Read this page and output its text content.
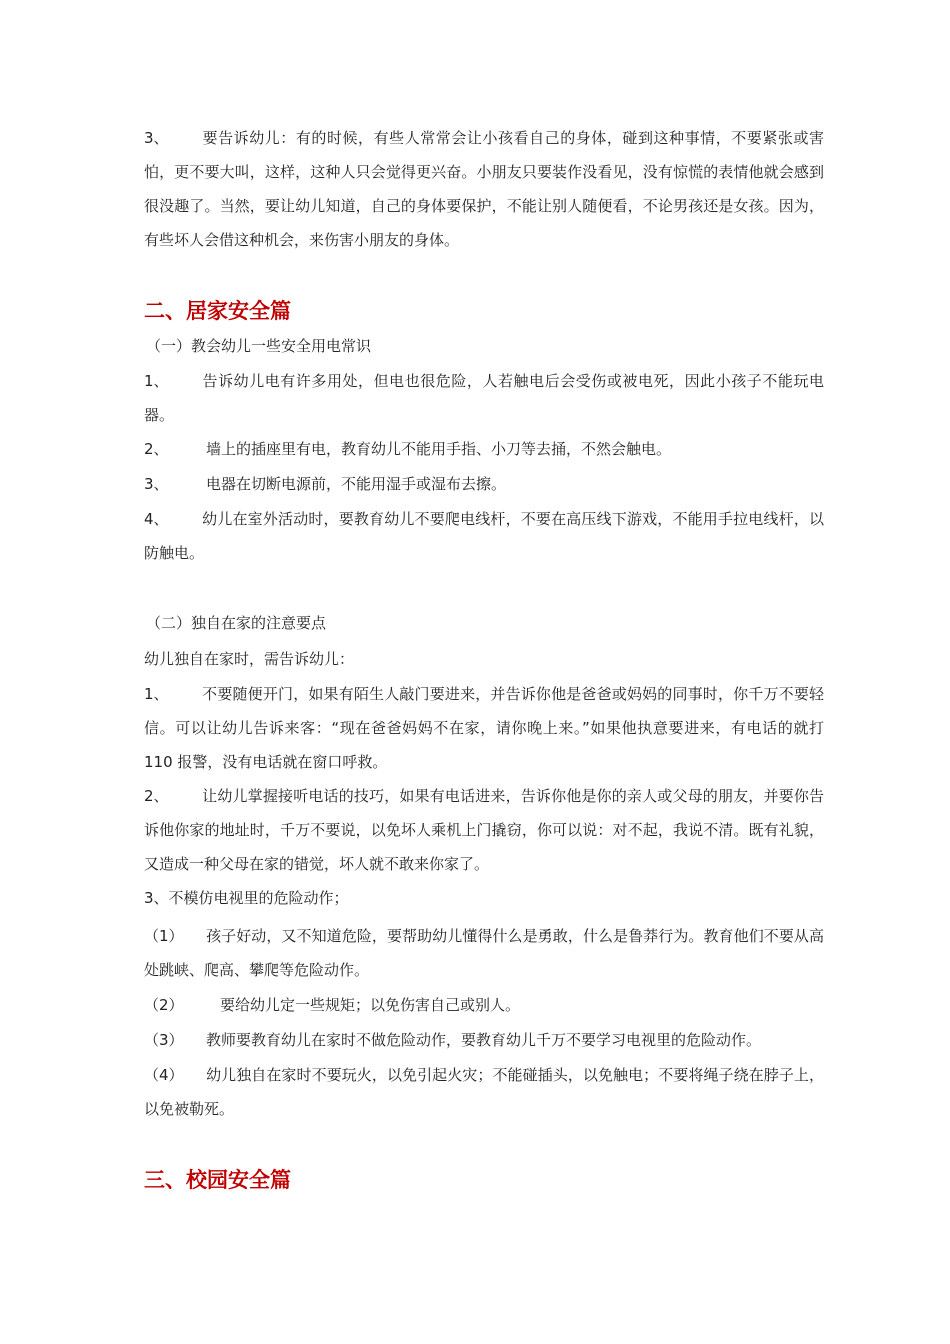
3、 要告诉幼儿：有的时候，有些人常常会让小孩看自己的身体，碰到这种事情，不要紧张或害怕，更不要大叫，这样，这种人只会觉得更兴奋。小朋友只要装作没看见，没有惊慌的表情他就会感到很没趣了。当然，要让幼儿知道，自己的身体要保护，不能让别人随便看，不论男孩还是女孩。因为，有些坏人会借这种机会，来伤害小朋友的身体。

二、居家安全篇

（一）教会幼儿一些安全用电常识

1、 告诉幼儿电有许多用处，但电也很危险，人若触电后会受伤或被电死，因此小孩子不能玩电器。

2、 墙上的插座里有电，教育幼儿不能用手指、小刀等去捅，不然会触电。

3、 电器在切断电源前，不能用湿手或湿布去擦。

4、 幼儿在室外活动时，要教育幼儿不要爬电线杆，不要在高压线下游戏，不能用手拉电线杆，以防触电。

（二）独自在家的注意要点

幼儿独自在家时，需告诉幼儿：

1、 不要随便开门，如果有陌生人敲门要进来，并告诉你他是爸爸或妈妈的同事时，你千万不要轻信。可以让幼儿告诉来客：“现在爸爸妈妈不在家，请你晚上来。”如果他执意要进来，有电话的就打 110 报警，没有电话就在窗口呼救。

2、 让幼儿掌握接听电话的技巧，如果有电话进来，告诉你他是你的亲人或父母的朋友，并要你告诉他你家的地址时，千万不要说，以免坏人乘机上门撬窃，你可以说：对不起，我说不清。既有礼貌，又造成一种父母在家的错觉，坏人就不敢来你家了。

3、不模仿电视里的危险动作；

（1） 孩子好动，又不知道危险，要帮助幼儿懂得什么是勇敢，什么是鲁莽行为。教育他们不要从高处跳峡、爬高、攀爬等危险动作。

（2） 要给幼儿定一些规矩；以免伤害自己或别人。

（3） 教师要教育幼儿在家时不做危险动作，要教育幼儿千万不要学习电视里的危险动作。

（4） 幼儿独自在家时不要玩火，以免引起火灾；不能碰插头，以免触电；不要将绳子绕在脖子上，以免被勒死。

三、校园安全篇
